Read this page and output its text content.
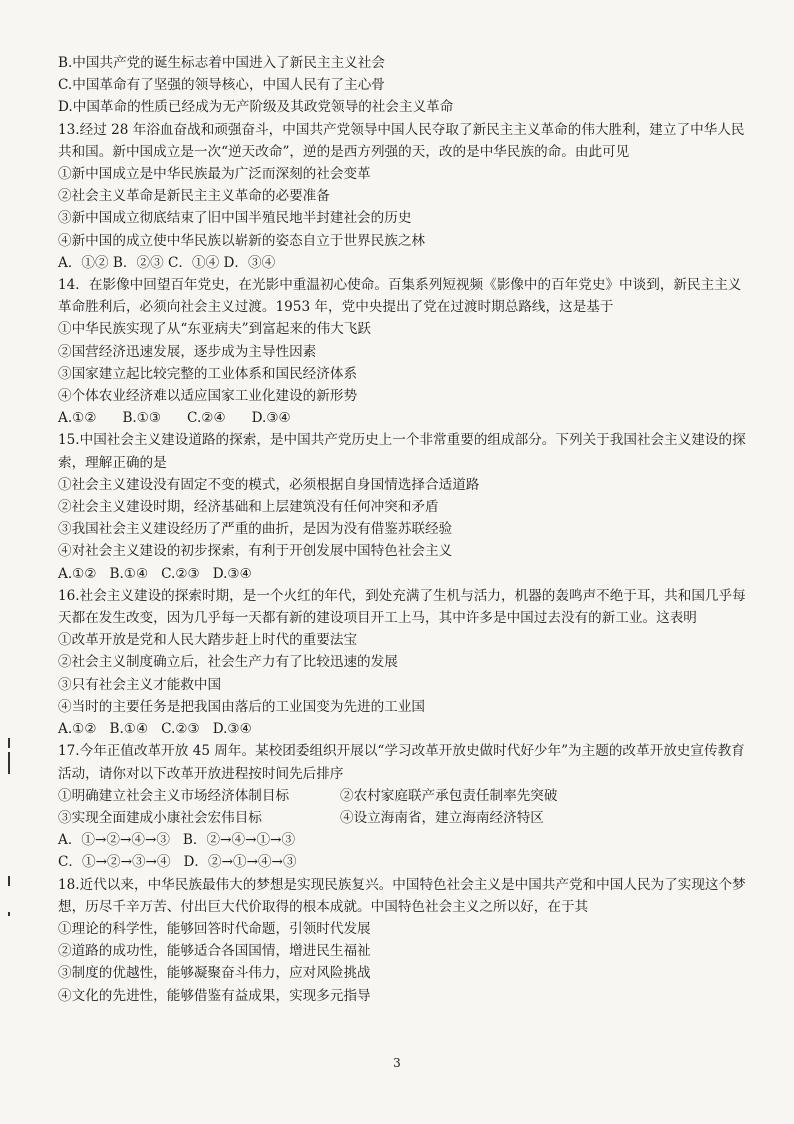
B.中国共产党的诞生标志着中国进入了新民主主义社会
C.中国革命有了坚强的领导核心，中国人民有了主心骨
D.中国革命的性质已经成为无产阶级及其政党领导的社会主义革命
13.经过 28 年浴血奋战和顽强奋斗，中国共产党领导中国人民夺取了新民主主义革命的伟大胜利，建立了中华人民共和国。新中国成立是一次“逆天改命”，逆的是西方列强的天，改的是中华民族的命。由此可见
①新中国成立是中华民族最为广泛而深刻的社会变革
②社会主义革命是新民主主义革命的必要准备
③新中国成立彻底结束了旧中国半殖民地半封建社会的历史
④新中国的成立使中华民族以崭新的姿态自立于世界民族之林
A．①② B．②③ C．①④ D．③④
14．在影像中回望百年党史，在光影中重温初心使命。百集系列短视频《影像中的百年党史》中谈到，新民主主义革命胜利后，必须向社会主义过渡。1953 年，党中央提出了党在过渡时期总路线，这是基于
①中华民族实现了从“东亚病夫”到富起来的伟大飞跃
②国营经济迅速发展，逐步成为主导性因素
③国家建立起比较完整的工业体系和国民经济体系
④个体农业经济难以适应国家工业化建设的新形势
A.①②      B.①③      C.②④      D.③④
15.中国社会主义建设道路的探索，是中国共产党历史上一个非常重要的组成部分。下列关于我国社会主义建设的探索，理解正确的是
①社会主义建设没有固定不变的模式，必须根据自身国情选择合适道路
②社会主义建设时期，经济基础和上层建筑没有任何冲突和矛盾
③我国社会主义建设经历了严重的曲折，是因为没有借鉴苏联经验
④对社会主义建设的初步探索，有利于开创发展中国特色社会主义
A.①②   B.①④   C.②③   D.③④
16.社会主义建设的探索时期，是一个火红的年代，到处充满了生机与活力，机器的轰鸣声不绝于耳，共和国几乎每天都在发生改变，因为几乎每一天都有新的建设项目开工上马，其中许多是中国过去没有的新工业。这表明
①改革开放是党和人民大踏步赶上时代的重要法宝
②社会主义制度确立后，社会生产力有了比较迅速的发展
③只有社会主义才能救中国
④当时的主要任务是把我国由落后的工业国变为先进的工业国
A.①②   B.①④   C.②③   D.③④
17.今年正值改革开放 45 周年。某校团委组织开展以“学习改革开放史做时代好少年”为主题的改革开放史宣传教育活动，请你对以下改革开放进程按时间先后排序
①明确建立社会主义市场经济体制目标	②农村家庭联产承包责任制率先突破
③实现全面建成小康社会宏伟目标	④设立海南省，建立海南经济特区
A．①→②→④→③   B．②→④→①→③
C．①→②→③→④   D．②→①→④→③
18.近代以来，中华民族最伟大的梦想是实现民族复兴。中国特色社会主义是中国共产党和中国人民为了实现这个梦想，历尽千辛万苦、付出巨大代价取得的根本成就。中国特色社会主义之所以好，在于其
①理论的科学性，能够回答时代命题，引领时代发展
②道路的成功性，能够适合各国国情，增进民生福祉
③制度的优越性，能够凝聚奋斗伟力，应对风险挑战
④文化的先进性，能够借鉴有益成果，实现多元指导
3
